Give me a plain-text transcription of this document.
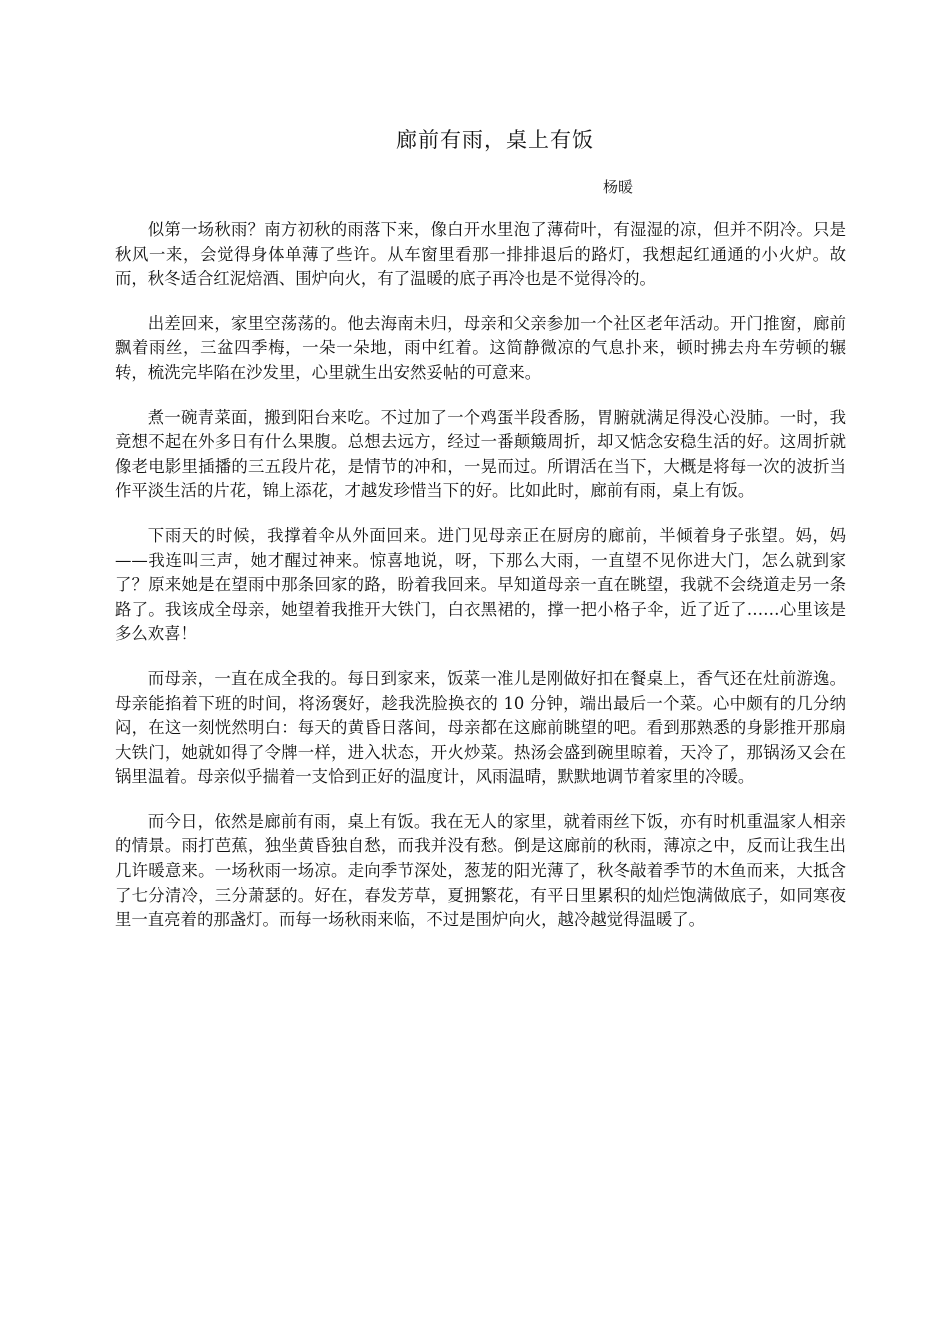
廊前有雨，桌上有饭
杨暖

似第一场秋雨？南方初秋的雨落下来，像白开水里泡了薄荷叶，有湿湿的凉，但并不阴冷。只是秋风一来，会觉得身体单薄了些许。从车窗里看那一排排退后的路灯，我想起红通通的小火炉。故而，秋冬适合红泥焙酒、围炉向火，有了温暖的底子再冷也是不觉得冷的。

出差回来，家里空荡荡的。他去海南未归，母亲和父亲参加一个社区老年活动。开门推窗，廊前飘着雨丝，三盆四季梅，一朵一朵地，雨中红着。这简静微凉的气息扑来，顿时拂去舟车劳顿的辗转，梳洗完毕陷在沙发里，心里就生出安然妥帖的可意来。

煮一碗青菜面，搬到阳台来吃。不过加了一个鸡蛋半段香肠，胃腑就满足得没心没肺。一时，我竟想不起在外多日有什么果腹。总想去远方，经过一番颠簸周折，却又惦念安稳生活的好。这周折就像老电影里插播的三五段片花，是情节的冲和，一晃而过。所谓活在当下，大概是将每一次的波折当作平淡生活的片花，锦上添花，才越发珍惜当下的好。比如此时，廊前有雨，桌上有饭。

下雨天的时候，我撑着伞从外面回来。进门见母亲正在厨房的廊前，半倾着身子张望。妈，妈——我连叫三声，她才醒过神来。惊喜地说，呀，下那么大雨，一直望不见你进大门，怎么就到家了？原来她是在望雨中那条回家的路，盼着我回来。早知道母亲一直在眺望，我就不会绕道走另一条路了。我该成全母亲，她望着我推开大铁门，白衣黑裙的，撑一把小格子伞，近了近了……心里该是多么欢喜！

而母亲，一直在成全我的。每日到家来，饭菜一准儿是刚做好扣在餐桌上，香气还在灶前游逸。母亲能掐着下班的时间，将汤褒好，趁我洗脸换衣的 10 分钟，端出最后一个菜。心中颇有的几分纳闷，在这一刻恍然明白：每天的黄昏日落间，母亲都在这廊前眺望的吧。看到那熟悉的身影推开那扇大铁门，她就如得了令牌一样，进入状态，开火炒菜。热汤会盛到碗里晾着，天冷了，那锅汤又会在锅里温着。母亲似乎揣着一支恰到正好的温度计，风雨温晴，默默地调节着家里的冷暖。

而今日，依然是廊前有雨，桌上有饭。我在无人的家里，就着雨丝下饭，亦有时机重温家人相亲的情景。雨打芭蕉，独坐黄昏独自愁，而我并没有愁。倒是这廊前的秋雨，薄凉之中，反而让我生出几许暖意来。一场秋雨一场凉。走向季节深处，葱茏的阳光薄了，秋冬敲着季节的木鱼而来，大抵含了七分清冷，三分萧瑟的。好在，春发芳草，夏拥繁花，有平日里累积的灿烂饱满做底子，如同寒夜里一直亮着的那盏灯。而每一场秋雨来临，不过是围炉向火，越冷越觉得温暖了。
